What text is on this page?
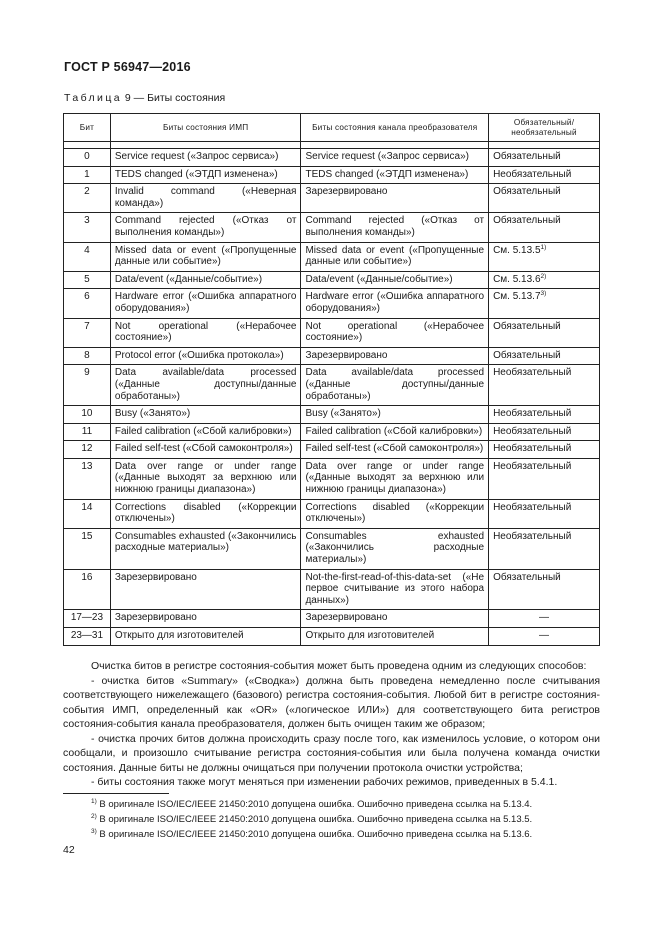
ГОСТ Р 56947—2016
Таблица 9 — Биты состояния
Бит	Биты состояния ИМП	Биты состояния канала преобразователя	Обязательный/ необязательный

0	Service request («Запрос сервиса»)	Service request («Запрос сервиса»)	Обязательный
1	TEDS changed («ЭТДП изменена»)	TEDS changed («ЭТДП изменена»)	Необязательный
2	Invalid command («Неверная команда»)	Зарезервировано	Обязательный
3	Command rejected («Отказ от выполнения команды»)	Command rejected («Отказ от выполнения команды»)	Обязательный
4	Missed data or event («Пропущенные данные или событие»)	Missed data or event («Пропущенные данные или событие»)	См. 5.13.5$^{1)}$
5	Data/event («Данные/событие»)	Data/event («Данные/событие»)	См. 5.13.6$^{2)}$
6	Hardware error («Ошибка аппаратного оборудования»)	Hardware error («Ошибка аппаратного оборудования»)	См. 5.13.7$^{3)}$
7	Not operational («Нерабочее состояние»)	Not operational («Нерабочее состояние»)	Обязательный
8	Protocol error («Ошибка протокола»)	Зарезервировано	Обязательный
9	Data available/data processed («Данные доступны/данные обработаны»)	Data available/data processed («Данные доступны/данные обработаны»)	Необязательный
10	Busy («Занято»)	Busy («Занято»)	Необязательный
11	Failed calibration («Сбой калибровки»)	Failed calibration («Сбой калибровки»)	Необязательный
12	Failed self-test («Сбой самоконтроля»)	Failed self-test («Сбой самоконтроля»)	Необязательный
13	Data over range or under range («Данные выходят за верхнюю или нижнюю границы диапазона»)	Data over range or under range («Данные выходят за верхнюю или нижнюю границы диапазона»)	Необязательный
14	Corrections disabled («Коррекции отключены»)	Corrections disabled («Коррекции отключены»)	Необязательный
15	Consumables exhausted («Закончились расходные материалы»)	Consumables exhausted («Закончились расходные материалы»)	Необязательный
16	Зарезервировано	Not-the-first-read-of-this-data-set («Не первое считывание из этого набора данных»)	Обязательный
17—23	Зарезервировано	Зарезервировано	—
23—31	Открыто для изготовителей	Открыто для изготовителей	—

Очистка битов в регистре состояния-события может быть проведена одним из следующих способов:

- очистка битов «Summary» («Сводка») должна быть проведена немедленно после считывания соответствующего нижележащего (базового) регистра состояния-события. Любой бит в регистре состояния-события ИМП, определенный как «OR» («логическое ИЛИ») для соответствующего бита регистров состояния-события канала преобразователя, должен быть очищен таким же образом;

- очистка прочих битов должна происходить сразу после того, как изменилось условие, о котором они сообщали, и произошло считывание регистра состояния-события или была получена команда очистки состояния. Данные биты не должны очищаться при получении протокола очистки устройства;

- биты состояния также могут меняться при изменении рабочих режимов, приведенных в 5.4.1.

$^{1)}$ В оригинале ISO/IEC/IEEE 21450:2010 допущена ошибка. Ошибочно приведена ссылка на 5.13.4.
$^{2)}$ В оригинале ISO/IEC/IEEE 21450:2010 допущена ошибка. Ошибочно приведена ссылка на 5.13.5.
$^{3)}$ В оригинале ISO/IEC/IEEE 21450:2010 допущена ошибка. Ошибочно приведена ссылка на 5.13.6.
42
